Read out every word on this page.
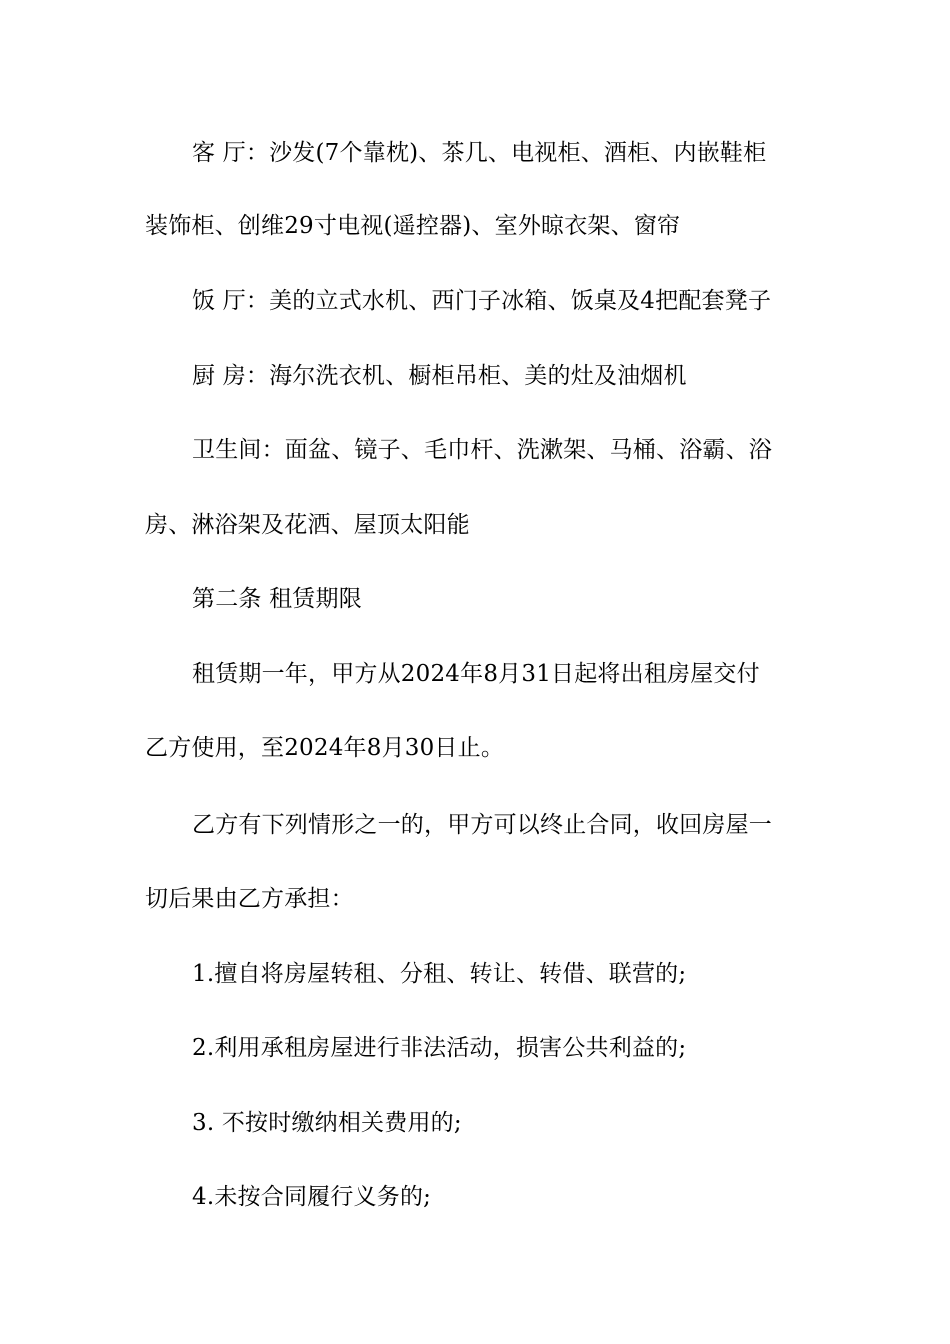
客 厅：沙发(7个靠枕)、茶几、电视柜、酒柜、内嵌鞋柜
装饰柜、创维29寸电视(遥控器)、室外晾衣架、窗帘
饭 厅：美的立式水机、西门子冰箱、饭桌及4把配套凳子
厨 房：海尔洗衣机、橱柜吊柜、美的灶及油烟机
卫生间：面盆、镜子、毛巾杆、洗漱架、马桶、浴霸、浴
房、淋浴架及花洒、屋顶太阳能
第二条 租赁期限
租赁期一年，甲方从2024年8月31日起将出租房屋交付
乙方使用，至2024年8月30日止。
乙方有下列情形之一的，甲方可以终止合同，收回房屋一
切后果由乙方承担：
1.擅自将房屋转租、分租、转让、转借、联营的;
2.利用承租房屋进行非法活动，损害公共利益的;
3. 不按时缴纳相关费用的;
4.未按合同履行义务的;
